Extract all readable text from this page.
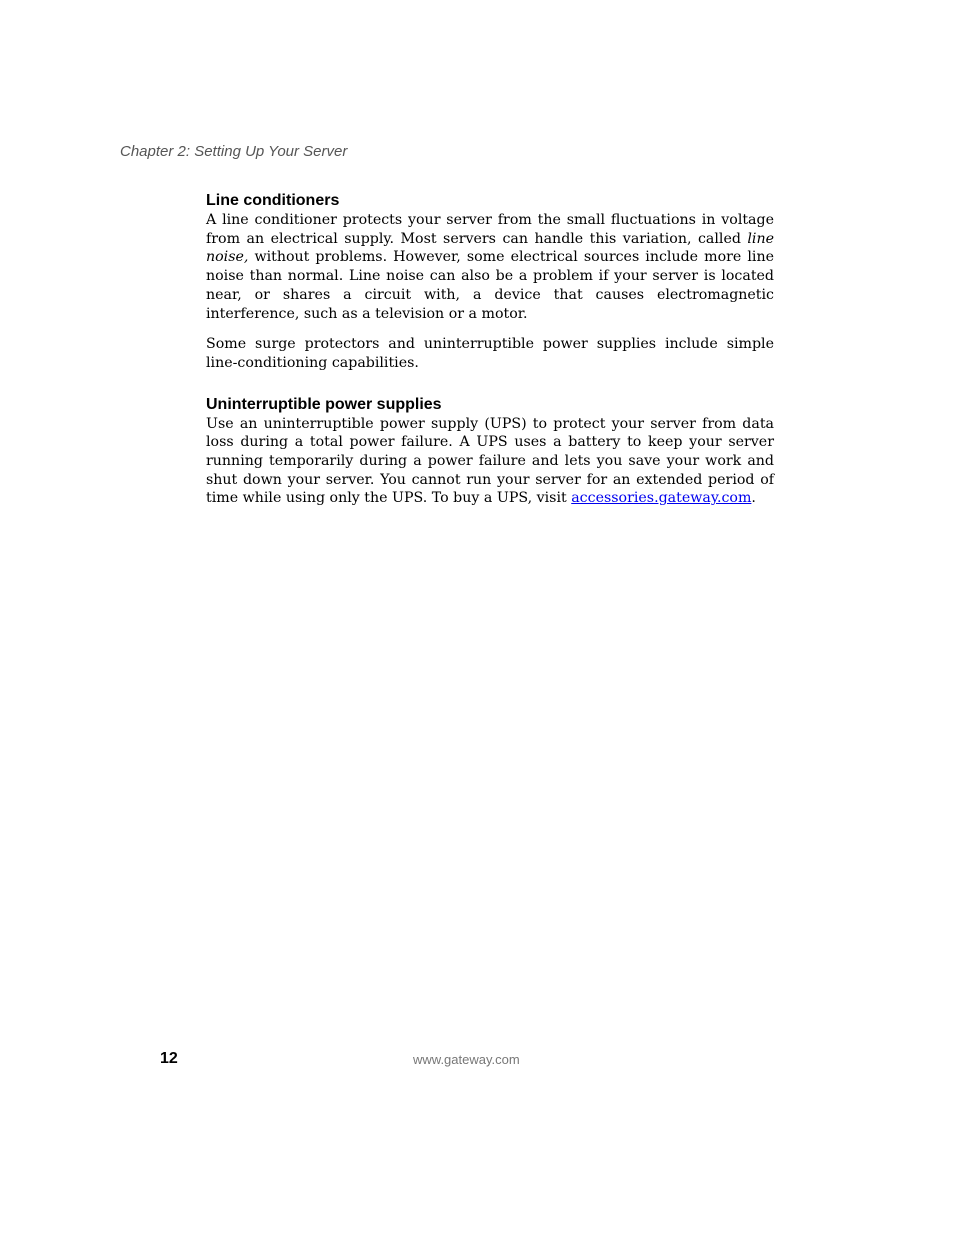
Chapter 2: Setting Up Your Server
Line conditioners

A line conditioner protects your server from the small fluctuations in voltage from an electrical supply. Most servers can handle this variation, called line noise, without problems. However, some electrical sources include more line noise than normal. Line noise can also be a problem if your server is located near, or shares a circuit with, a device that causes electromagnetic interference, such as a television or a motor.

Some surge protectors and uninterruptible power supplies include simple line-conditioning capabilities.

Uninterruptible power supplies

Use an uninterruptible power supply (UPS) to protect your server from data loss during a total power failure. A UPS uses a battery to keep your server running temporarily during a power failure and lets you save your work and shut down your server. You cannot run your server for an extended period of time while using only the UPS. To buy a UPS, visit accessories.gateway.com.

12	www.gateway.com
